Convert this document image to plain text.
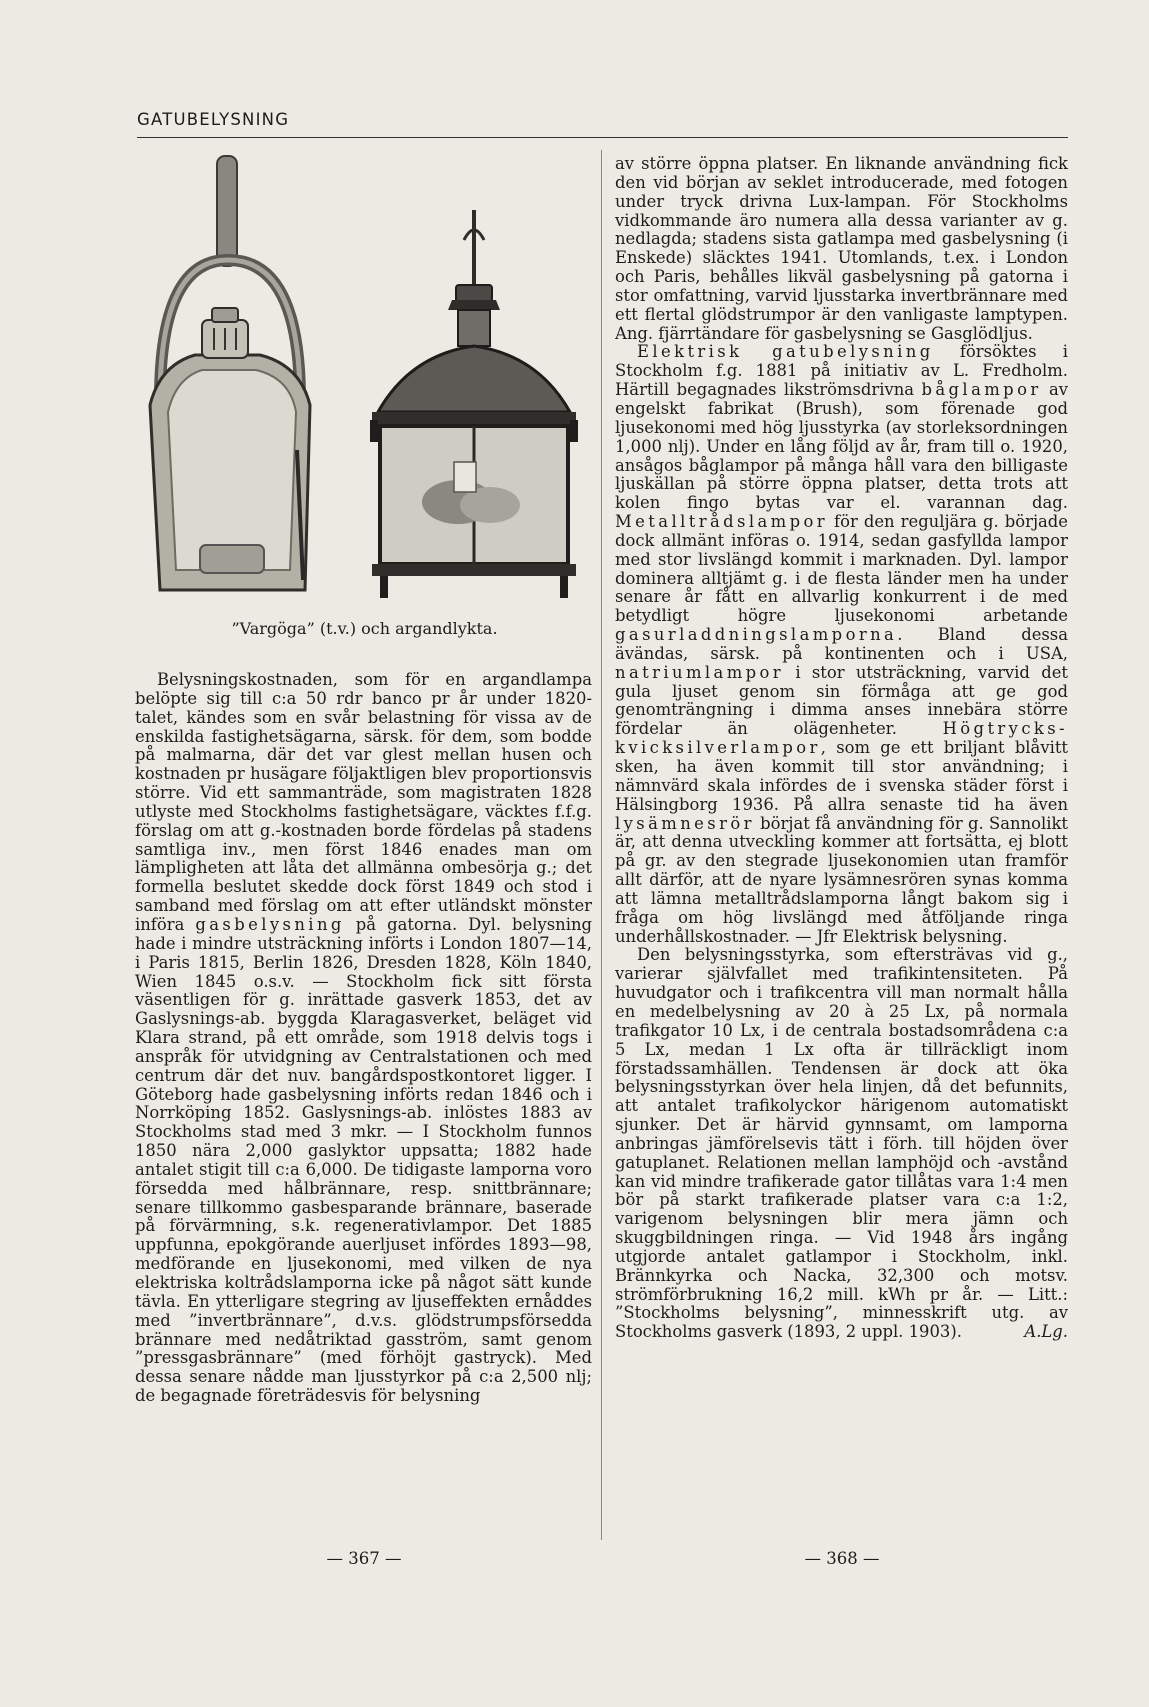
GATUBELYSNING
”Vargöga” (t.v.) och argandlykta.

Belysningskostnaden, som för en argandlampa belöpte sig till c:a 50 rdr banco pr år under 1820-talet, kändes som en svår belastning för vissa av de enskilda fastighetsägarna, särsk. för dem, som bodde på malmarna, där det var glest mellan husen och kostnaden pr husägare följaktligen blev proportionsvis större. Vid ett sammanträde, som magistraten 1828 utlyste med Stockholms fastighetsägare, väcktes f.f.g. förslag om att g.-kostnaden borde fördelas på stadens samtliga inv., men först 1846 enades man om lämpligheten att låta det allmänna ombesörja g.; det formella beslutet skedde dock först 1849 och stod i samband med förslag om att efter utländskt mönster införa gasbelysning på gatorna. Dyl. belysning hade i mindre utsträckning införts i London 1807—14, i Paris 1815, Berlin 1826, Dresden 1828, Köln 1840, Wien 1845 o.s.v. — Stockholm fick sitt första väsentligen för g. inrättade gasverk 1853, det av Gaslysnings-ab. byggda Klaragasverket, beläget vid Klara strand, på ett område, som 1918 delvis togs i anspråk för utvidgning av Centralstationen och med centrum där det nuv. bangårdspostkontoret ligger. I Göteborg hade gasbelysning införts redan 1846 och i Norrköping 1852. Gaslysnings-ab. inlöstes 1883 av Stockholms stad med 3 mkr. — I Stockholm funnos 1850 nära 2,000 gaslyktor uppsatta; 1882 hade antalet stigit till c:a 6,000. De tidigaste lamporna voro försedda med hålbrännare, resp. snittbrännare; senare tillkommo gasbesparande brännare, baserade på förvärmning, s.k. regenerativlampor. Det 1885 uppfunna, epokgörande auerljuset infördes 1893—98, medförande en ljusekonomi, med vilken de nya elektriska koltrådslamporna icke på något sätt kunde tävla. En ytterligare stegring av ljuseffekten ernåddes med ”invertbrännare”, d.v.s. glödstrumpsförsedda brännare med nedåtriktad gasström, samt genom ”pressgasbrännare” (med förhöjt gastryck). Med dessa senare nådde man ljusstyrkor på c:a 2,500 nlj; de begagnade företrädesvis för belysning

av större öppna platser. En liknande användning fick den vid början av seklet introducerade, med fotogen under tryck drivna Lux-lampan. För Stockholms vidkommande äro numera alla dessa varianter av g. nedlagda; stadens sista gatlampa med gasbelysning (i Enskede) släcktes 1941. Utomlands, t.ex. i London och Paris, behålles likväl gasbelysning på gatorna i stor omfattning, varvid ljusstarka invertbrännare med ett flertal glödstrumpor är den vanligaste lamptypen. Ang. fjärrtändare för gasbelysning se Gasglödljus.

Elektrisk gatubelysning försöktes i Stockholm f.g. 1881 på initiativ av L. Fredholm. Härtill begagnades likströmsdrivna båglampor av engelskt fabrikat (Brush), som förenade god ljusekonomi med hög ljusstyrka (av storleksordningen 1,000 nlj). Under en lång följd av år, fram till o. 1920, ansågos båglampor på många håll vara den billigaste ljuskällan på större öppna platser, detta trots att kolen fingo bytas var el. varannan dag. Metalltrådslampor för den reguljära g. började dock allmänt införas o. 1914, sedan gasfyllda lampor med stor livslängd kommit i marknaden. Dyl. lampor dominera alltjämt g. i de flesta länder men ha under senare år fått en allvarlig konkurrent i de med betydligt högre ljusekonomi arbetande gasurladdningslamporna. Bland dessa ävändas, särsk. på kontinenten och i USA, natriumlampor i stor utsträckning, varvid det gula ljuset genom sin förmåga att ge god genomträngning i dimma anses innebära större fördelar än olägenheter. Högtrycks-kvicksilverlampor, som ge ett briljant blåvitt sken, ha även kommit till stor användning; i nämnvärd skala infördes de i svenska städer först i Hälsingborg 1936. På allra senaste tid ha även lysämnesrör börjat få användning för g. Sannolikt är, att denna utveckling kommer att fortsätta, ej blott på gr. av den stegrade ljusekonomien utan framför allt därför, att de nyare lysämnesrören synas komma att lämna metalltrådslamporna långt bakom sig i fråga om hög livslängd med åtföljande ringa underhållskostnader. — Jfr Elektrisk belysning.

Den belysningsstyrka, som eftersträvas vid g., varierar självfallet med trafikintensiteten. På huvudgator och i trafikcentra vill man normalt hålla en medelbelysning av 20 à 25 Lx, på normala trafikgator 10 Lx, i de centrala bostadsområdena c:a 5 Lx, medan 1 Lx ofta är tillräckligt inom förstadssamhällen. Tendensen är dock att öka belysningsstyrkan över hela linjen, då det befunnits, att antalet trafikolyckor härigenom automatiskt sjunker. Det är härvid gynnsamt, om lamporna anbringas jämförelsevis tätt i förh. till höjden över gatuplanet. Relationen mellan lamphöjd och -avstånd kan vid mindre trafikerade gator tillåtas vara 1:4 men bör på starkt trafikerade platser vara c:a 1:2, varigenom belysningen blir mera jämn och skuggbildningen ringa. — Vid 1948 års ingång utgjorde antalet gatlampor i Stockholm, inkl. Brännkyrka och Nacka, 32,300 och motsv. strömförbrukning 16,2 mill. kWh pr år. — Litt.: ”Stockholms belysning”, minnesskrift utg. av Stockholms gasverk (1893, 2 uppl. 1903).	A.Lg.

— 367 —	— 368 —
